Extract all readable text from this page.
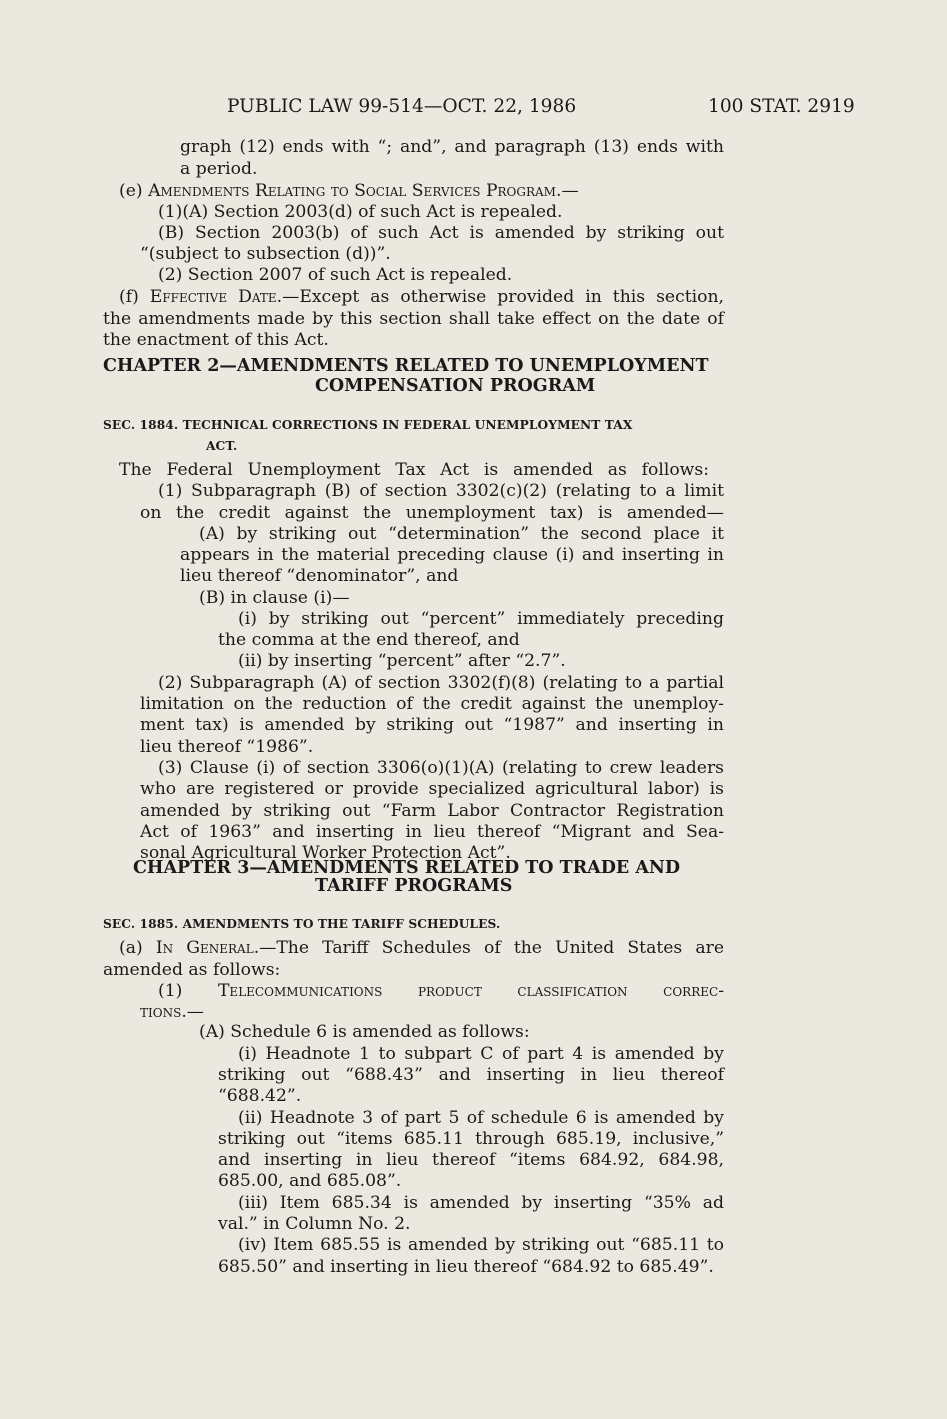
PUBLIC LAW 99-514—OCT. 22, 1986	100 STAT. 2919
graph (12) ends with “; and”, and paragraph (13) ends with
a period.
(e) Amendments Relating to Social Services Program.—
(1)(A) Section 2003(d) of such Act is repealed.
(B) Section 2003(b) of such Act is amended by striking out
“(subject to subsection (d))”.
(2) Section 2007 of such Act is repealed.
(f) Effective Date.—Except as otherwise provided in this section,
the amendments made by this section shall take effect on the date of
the enactment of this Act.
CHAPTER 2—AMENDMENTS RELATED TO UNEMPLOYMENT
COMPENSATION PROGRAM
SEC. 1884. TECHNICAL CORRECTIONS IN FEDERAL UNEMPLOYMENT TAX
ACT.
The Federal Unemployment Tax Act is amended as follows:
(1) Subparagraph (B) of section 3302(c)(2) (relating to a limit
on the credit against the unemployment tax) is amended—
(A) by striking out “determination” the second place it
appears in the material preceding clause (i) and inserting in
lieu thereof “denominator”, and
(B) in clause (i)—
(i) by striking out “percent” immediately preceding
the comma at the end thereof, and
(ii) by inserting “percent” after “2.7”.
(2) Subparagraph (A) of section 3302(f)(8) (relating to a partial
limitation on the reduction of the credit against the unemploy-
ment tax) is amended by striking out “1987” and inserting in
lieu thereof “1986”.
(3) Clause (i) of section 3306(o)(1)(A) (relating to crew leaders
who are registered or provide specialized agricultural labor) is
amended by striking out “Farm Labor Contractor Registration
Act of 1963” and inserting in lieu thereof “Migrant and Sea-
sonal Agricultural Worker Protection Act”.
CHAPTER 3—AMENDMENTS RELATED TO TRADE AND
TARIFF PROGRAMS
SEC. 1885. AMENDMENTS TO THE TARIFF SCHEDULES.
(a) In General.—The Tariff Schedules of the United States are
amended as follows:
(1) Telecommunications product classification correc-
tions.—
(A) Schedule 6 is amended as follows:
(i) Headnote 1 to subpart C of part 4 is amended by
striking out “688.43” and inserting in lieu thereof
“688.42”.
(ii) Headnote 3 of part 5 of schedule 6 is amended by
striking out “items 685.11 through 685.19, inclusive,”
and inserting in lieu thereof “items 684.92, 684.98,
685.00, and 685.08”.
(iii) Item 685.34 is amended by inserting “35% ad
val.” in Column No. 2.
(iv) Item 685.55 is amended by striking out “685.11 to
685.50” and inserting in lieu thereof “684.92 to 685.49”.
